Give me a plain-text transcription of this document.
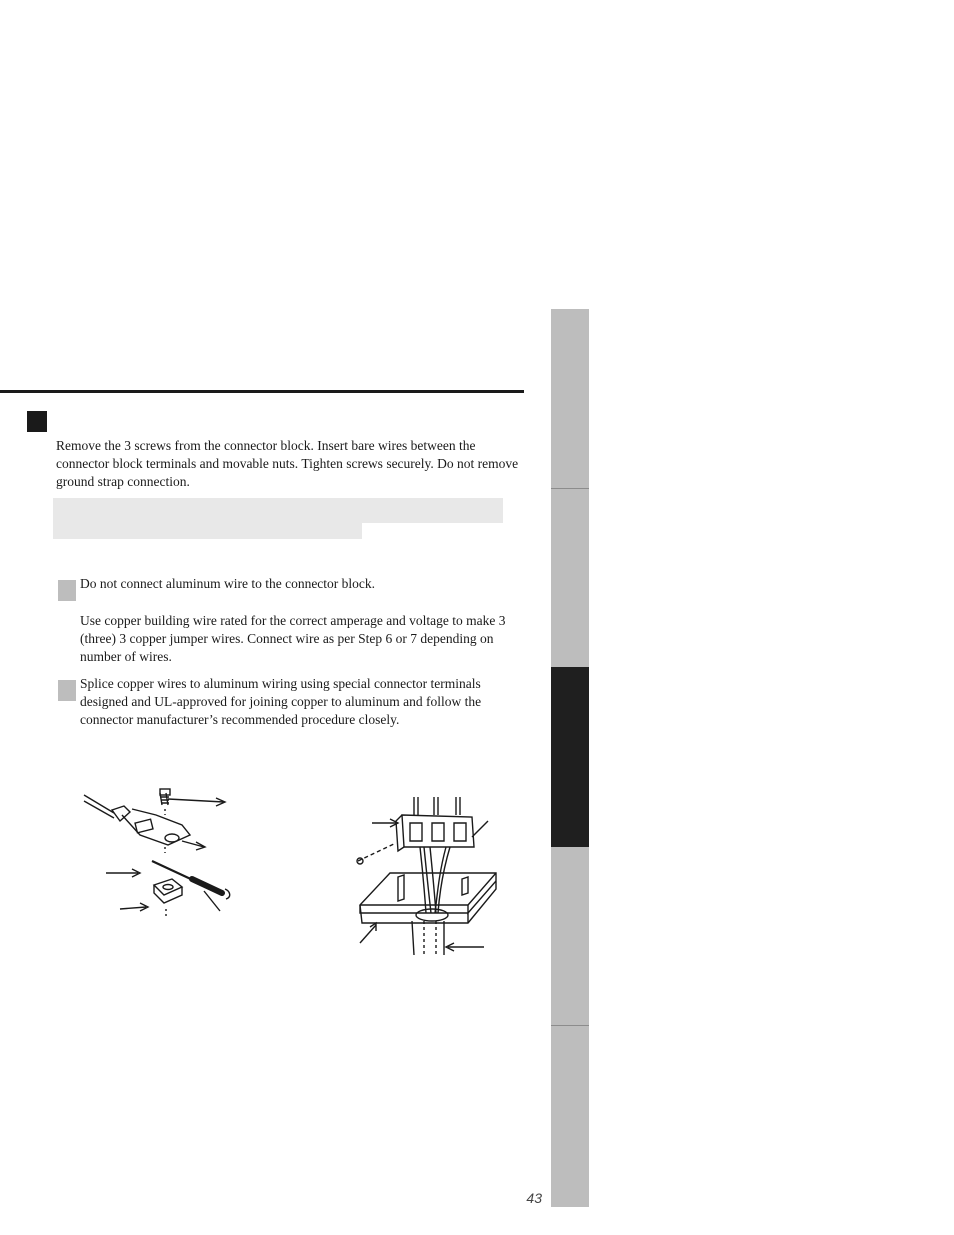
Remove the 3 screws from the connector block. Insert bare wires between the connector block terminals and movable nuts. Tighten screws securely. Do not remove ground strap connection.

Do not connect aluminum wire to the connector block.

Use copper building wire rated for the correct amperage and voltage to make 3 (three) 3 copper jumper wires. Connect wire as per Step 6 or 7 depending on number of wires.

Splice copper wires to aluminum wiring using special connector terminals designed and UL-approved for joining copper to aluminum and follow the connector manufacturer’s recommended procedure closely.

43
